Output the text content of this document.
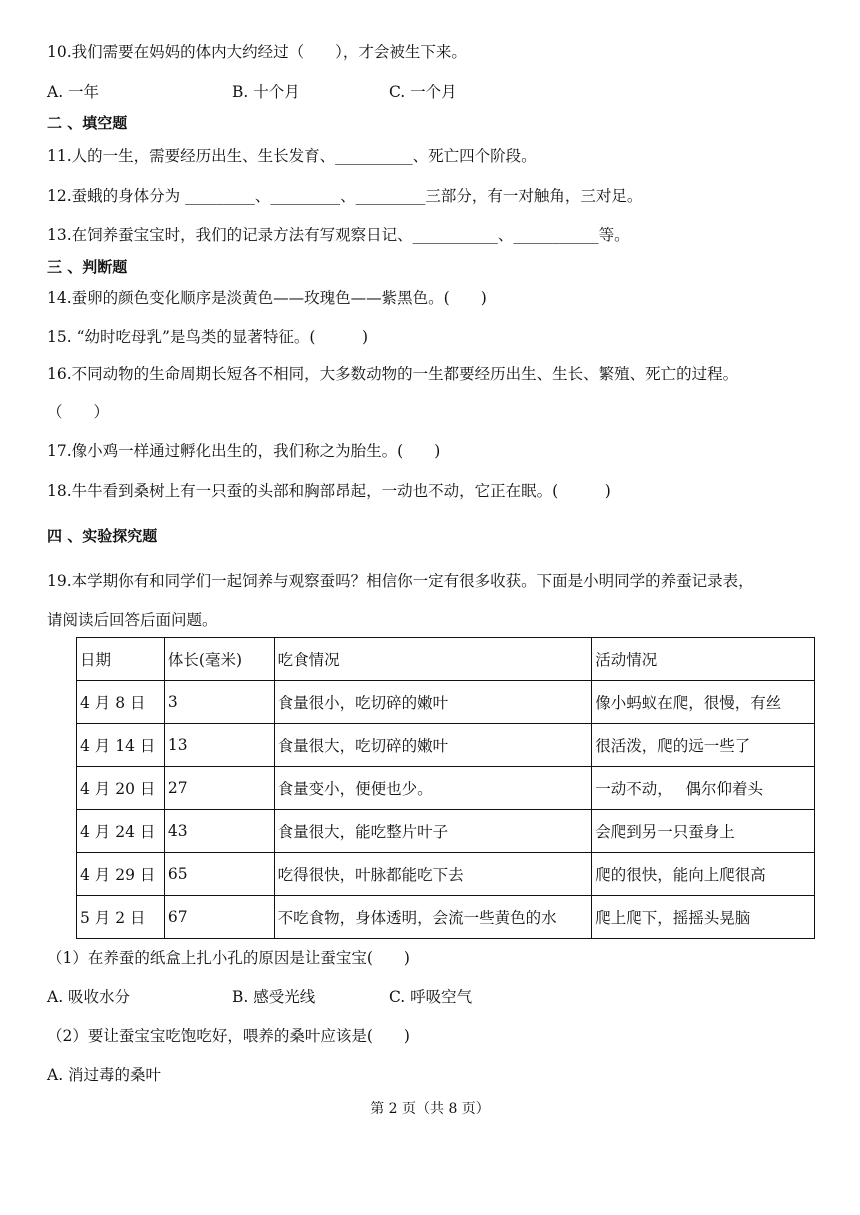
10.我们需要在妈妈的体内大约经过（　　），才会被生下来。
A. 一年	B. 十个月	C. 一个月
二 、填空题
11.人的一生，需要经历出生、生长发育、__________、死亡四个阶段。
12.蚕蛾的身体分为 _________、_________、_________三部分，有一对触角，三对足。
13.在饲养蚕宝宝时，我们的记录方法有写观察日记、___________、___________等。
三 、判断题
14.蚕卵的颜色变化顺序是淡黄色——玫瑰色——紫黑色。(　　)
15. “幼时吃母乳”是鸟类的显著特征。(　　　)
16.不同动物的生命周期长短各不相同，大多数动物的一生都要经历出生、生长、繁殖、死亡的过程。
（　　）
17.像小鸡一样通过孵化出生的，我们称之为胎生。(　　)
18.牛牛看到桑树上有一只蚕的头部和胸部昂起，一动也不动，它正在眠。(　　　)
四 、实验探究题
19.本学期你有和同学们一起饲养与观察蚕吗？相信你一定有很多收获。下面是小明同学的养蚕记录表，
请阅读后回答后面问题。
日期	体长(毫米)	吃食情况	活动情况
4 月 8 日	3	食量很小，吃切碎的嫩叶	像小蚂蚁在爬，很慢，有丝
4 月 14 日	13	食量很大，吃切碎的嫩叶	很活泼，爬的远一些了
4 月 20 日	27	食量变小，便便也少。	一动不动，　 偶尔仰着头
4 月 24 日	43	食量很大，能吃整片叶子	会爬到另一只蚕身上
4 月 29 日	65	吃得很快，叶脉都能吃下去	爬的很快，能向上爬很高
5 月 2 日	67	不吃食物，身体透明，会流一些黄色的水	爬上爬下，摇摇头晃脑
（1）在养蚕的纸盒上扎小孔的原因是让蚕宝宝(　　)
A. 吸收水分	B. 感受光线	C. 呼吸空气
（2）要让蚕宝宝吃饱吃好，喂养的桑叶应该是(　　)
A. 消过毒的桑叶
第 2 页（共 8 页）
